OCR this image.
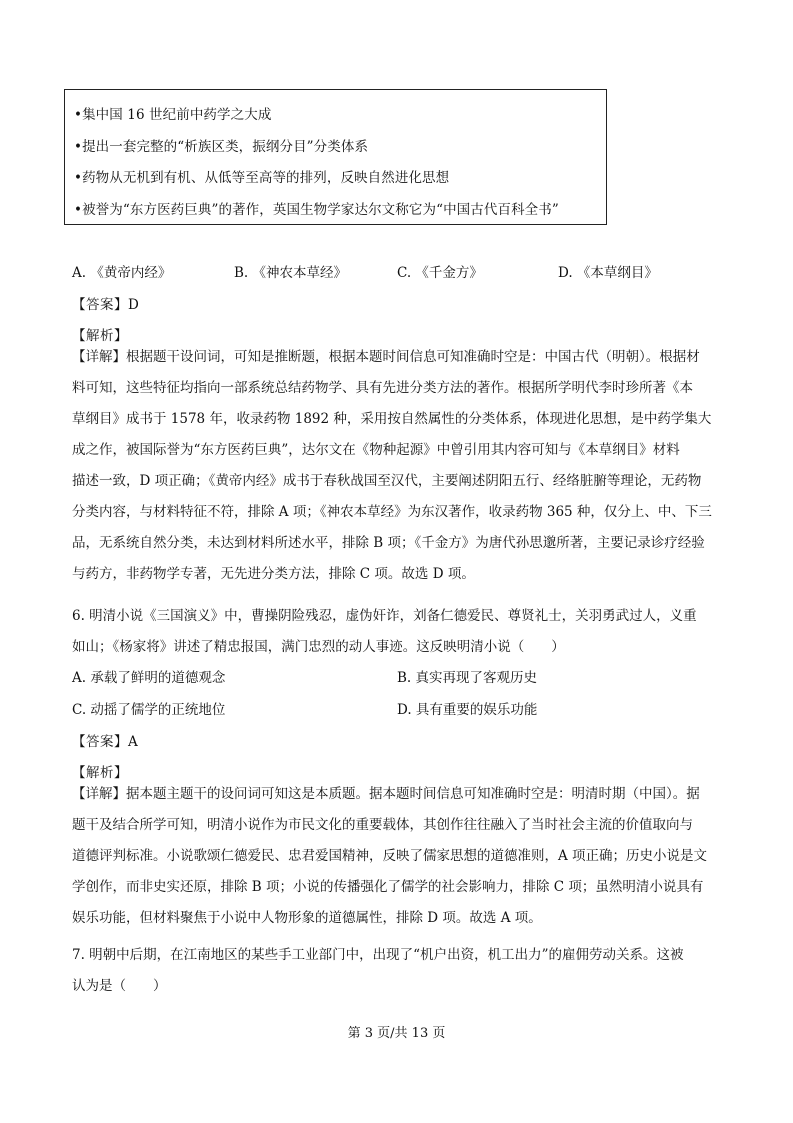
•集中国 16 世纪前中药学之大成
•提出一套完整的“析族区类，振纲分目”分类体系
•药物从无机到有机、从低等至高等的排列，反映自然进化思想
•被誉为“东方医药巨典”的著作，英国生物学家达尔文称它为“中国古代百科全书”
A. 《黄帝内经》	B. 《神农本草经》	C. 《千金方》	D. 《本草纲目》
【答案】D
【解析】
【详解】根据题干设问词，可知是推断题，根据本题时间信息可知准确时空是：中国古代（明朝）。根据材
料可知，这些特征均指向一部系统总结药物学、具有先进分类方法的著作。根据所学明代李时珍所著《本
草纲目》成书于 1578 年，收录药物 1892 种，采用按自然属性的分类体系，体现进化思想，是中药学集大
成之作，被国际誉为“东方医药巨典”，达尔文在《物种起源》中曾引用其内容可知与《本草纲目》材料
描述一致，D 项正确；《黄帝内经》成书于春秋战国至汉代，主要阐述阴阳五行、经络脏腑等理论，无药物
分类内容，与材料特征不符，排除 A 项；《神农本草经》为东汉著作，收录药物 365 种，仅分上、中、下三
品，无系统自然分类，未达到材料所述水平，排除 B 项；《千金方》为唐代孙思邈所著，主要记录诊疗经验
与药方，非药物学专著，无先进分类方法，排除 C 项。故选 D 项。
6. 明清小说《三国演义》中，曹操阴险残忍，虚伪奸诈，刘备仁德爱民、尊贤礼士，关羽勇武过人，义重
如山；《杨家将》讲述了精忠报国，满门忠烈的动人事迹。这反映明清小说（　　）
A. 承载了鲜明的道德观念	B. 真实再现了客观历史
C. 动摇了儒学的正统地位	D. 具有重要的娱乐功能
【答案】A
【解析】
【详解】据本题主题干的设问词可知这是本质题。据本题时间信息可知准确时空是：明清时期（中国）。据
题干及结合所学可知，明清小说作为市民文化的重要载体，其创作往往融入了当时社会主流的价值取向与
道德评判标准。小说歌颂仁德爱民、忠君爱国精神，反映了儒家思想的道德准则，A 项正确；历史小说是文
学创作，而非史实还原，排除 B 项；小说的传播强化了儒学的社会影响力，排除 C 项；虽然明清小说具有
娱乐功能，但材料聚焦于小说中人物形象的道德属性，排除 D 项。故选 A 项。
7. 明朝中后期，在江南地区的某些手工业部门中，出现了“机户出资，机工出力”的雇佣劳动关系。这被
认为是（　　）
第 3 页/共 13 页
